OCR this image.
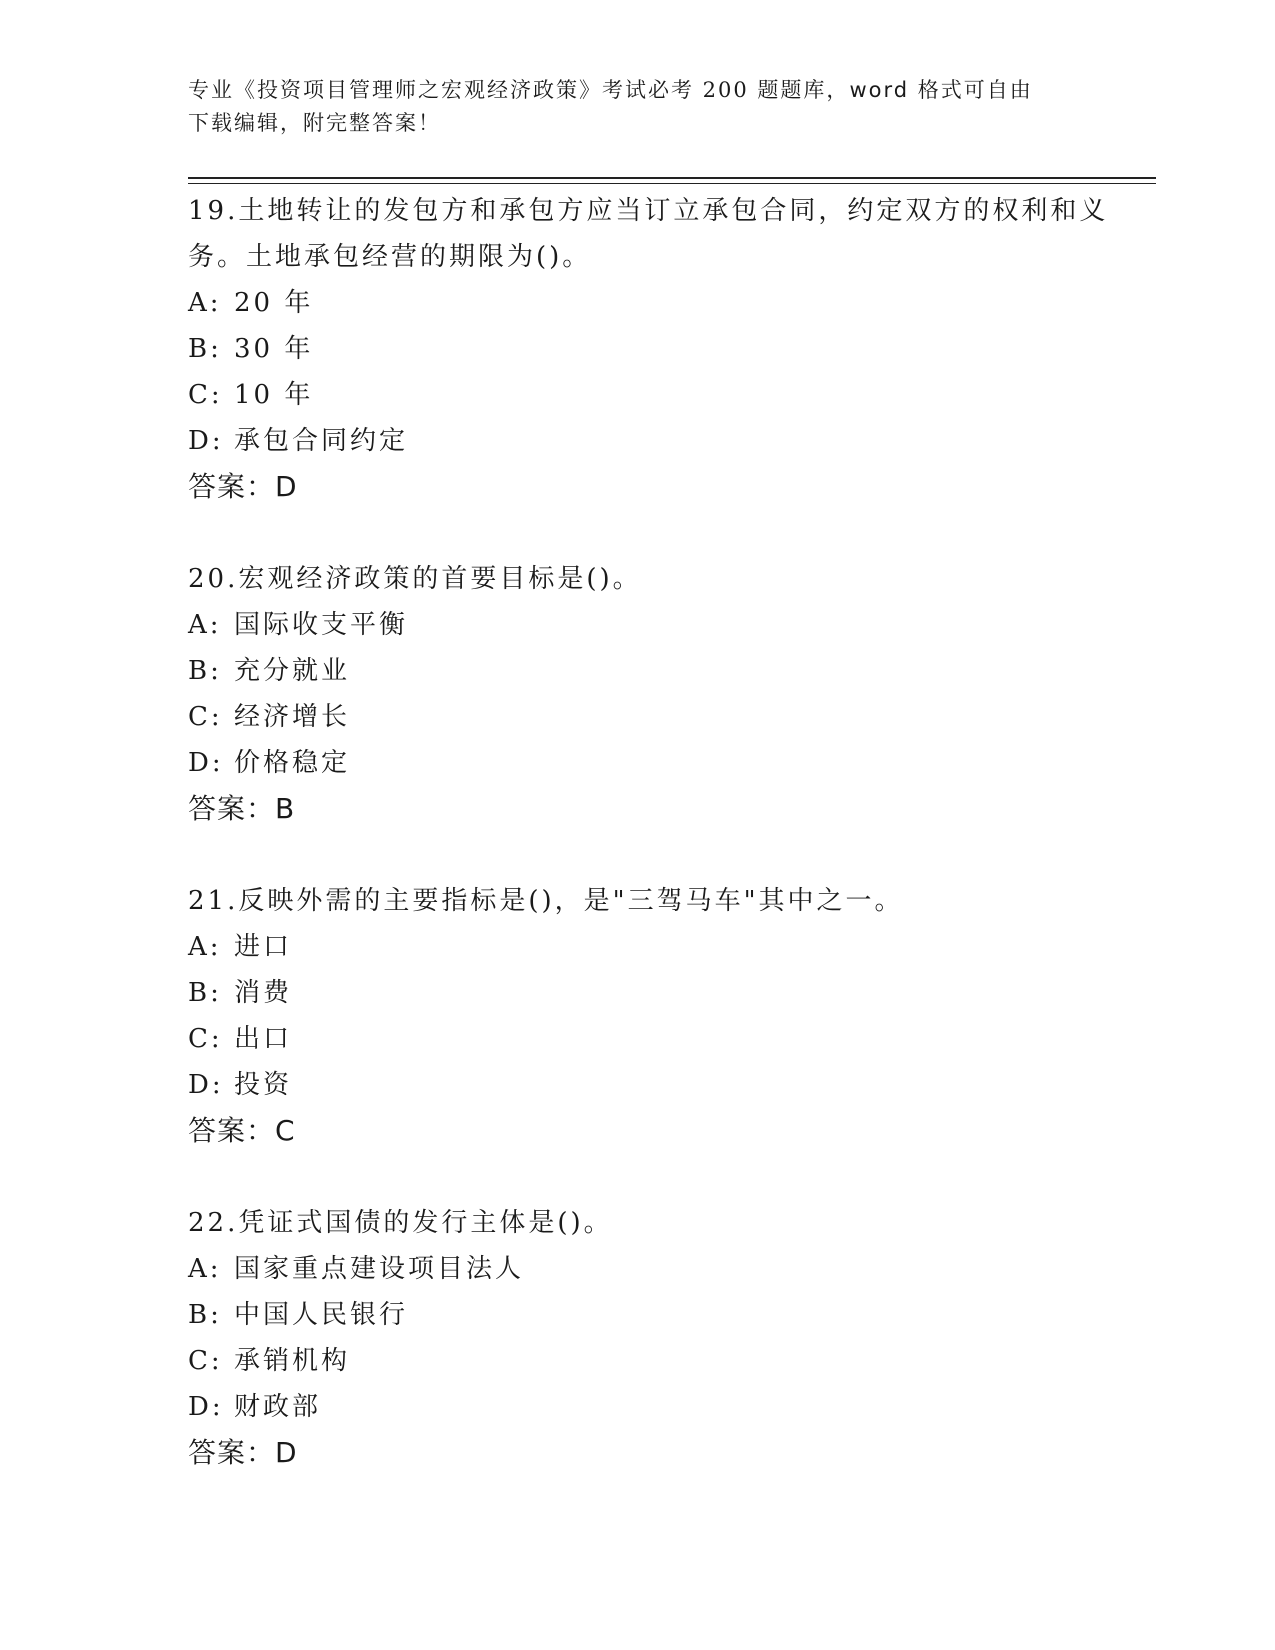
专业《投资项目管理师之宏观经济政策》考试必考 200 题题库，word 格式可自由
下载编辑，附完整答案！

19.土地转让的发包方和承包方应当订立承包合同，约定双方的权利和义务。土地承包经营的期限为()。

A: 20 年

B: 30 年

C: 10 年

D: 承包合同约定

答案：D

20.宏观经济政策的首要目标是()。

A: 国际收支平衡

B: 充分就业

C: 经济增长

D: 价格稳定

答案：B

21.反映外需的主要指标是()，是"三驾马车"其中之一。

A: 进口

B: 消费

C: 出口

D: 投资

答案：C

22.凭证式国债的发行主体是()。

A: 国家重点建设项目法人

B: 中国人民银行

C: 承销机构

D: 财政部

答案：D
